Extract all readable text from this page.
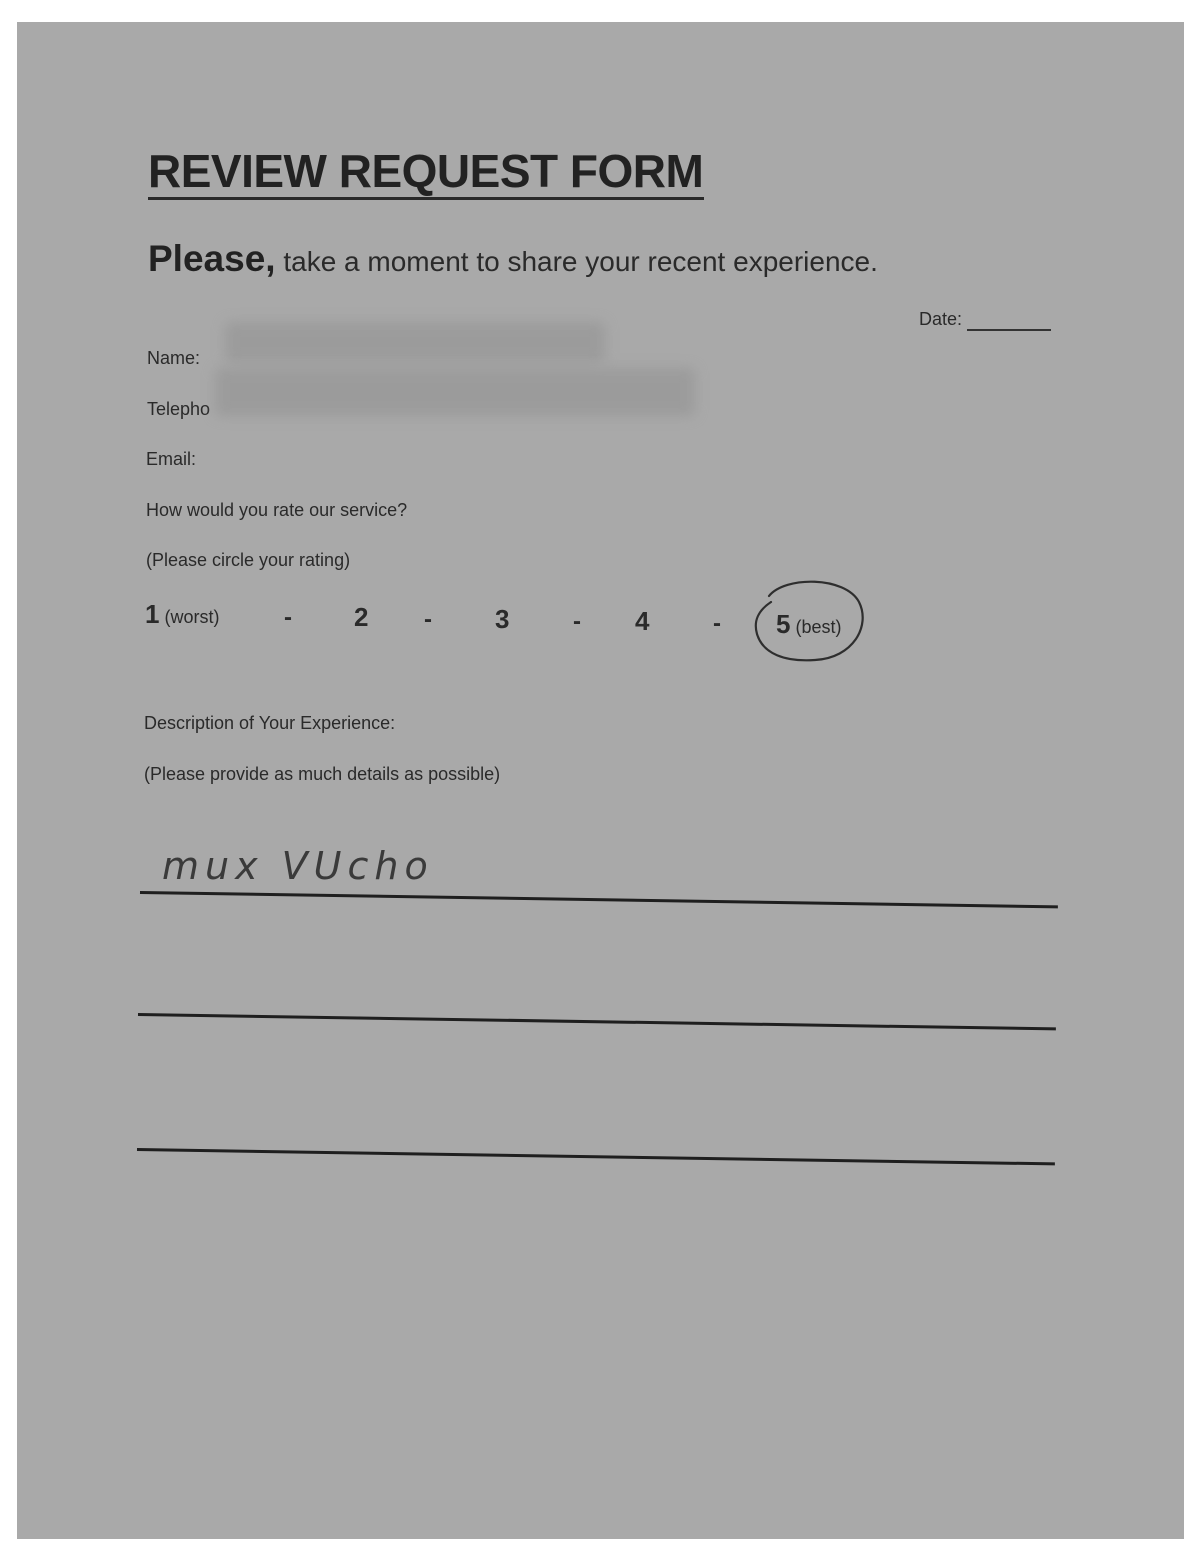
REVIEW REQUEST FORM
Please, take a moment to share your recent experience.
Date:
Name:
Telepho
Email:
How would you rate our service?
(Please circle your rating)
1 (worst)	- 2 - 3	- 4	- 5 (best)
Description of Your Experience:
(Please provide as much details as possible)
mux VUcho
